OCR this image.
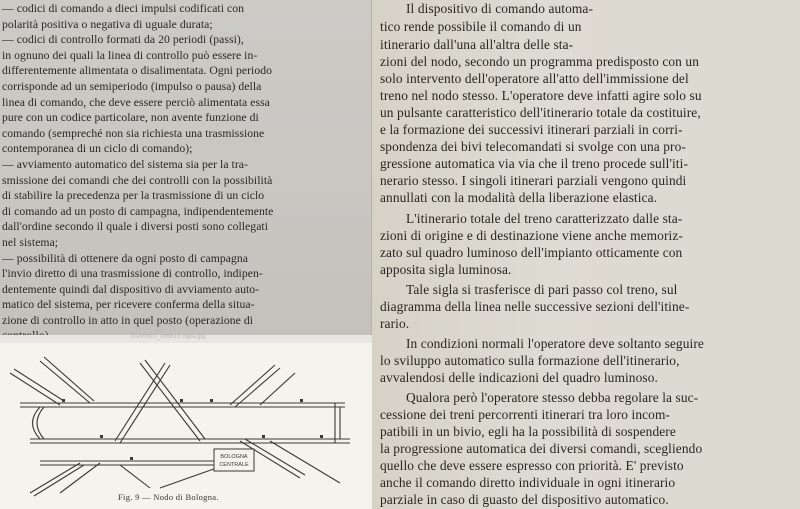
— codici di comando a dieci impulsi codificati con
polarità positiva o negativa di uguale durata;
— codici di controllo formati da 20 periodi (passi),
in ognuno dei quali la linea di controllo può essere in-
differentemente alimentata o disalimentata. Ogni periodo
corrisponde ad un semiperiodo (impulso o pausa) della
linea di comando, che deve essere perciò alimentata essa
pure con un codice particolare, non avente funzione di
comando (sempreché non sia richiesta una trasmissione
contemporanea di un ciclo di comando);
— avviamento automatico del sistema sia per la tra-
smissione dei comandi che dei controlli con la possibilità
di stabilire la precedenza per la trasmissione di un ciclo
di comando ad un posto di campagna, indipendentemente
dall'ordine secondo il quale i diversi posti sono collegati
nel sistema;
— possibilità di ottenere da ogni posto di campagna
l'invio diretto di una trasmissione di controllo, indipen-
dentemente quindi dal dispositivo di avviamento auto-
matico del sistema, per ricevere conferma della situa-
zione di controllo in atto in quel posto (operazione di
20200810_095613 copia.jpg
BOLOGNA
CENTRALE
Fig. 9 — Nodo di Bologna.
Il dispositivo di comando automa-
tico rende possibile il comando di un
itinerario dall'una all'altra delle sta-
zioni del nodo, secondo un programma predisposto con un
solo intervento dell'operatore all'atto dell'immissione del
treno nel nodo stesso. L'operatore deve infatti agire solo su
un pulsante caratteristico dell'itinerario totale da costituire,
e la formazione dei successivi itinerari parziali in corri-
spondenza dei bivi telecomandati si svolge con una pro-
gressione automatica via via che il treno procede sull'iti-
nerario stesso. I singoli itinerari parziali vengono quindi
annullati con la modalità della liberazione elastica.
L'itinerario totale del treno caratterizzato dalle sta-
zioni di origine e di destinazione viene anche memoriz-
zato sul quadro luminoso dell'impianto otticamente con
apposita sigla luminosa.
Tale sigla si trasferisce di pari passo col treno, sul
diagramma della linea nelle successive sezioni dell'itine-
rario.
In condizioni normali l'operatore deve soltanto seguire
lo sviluppo automatico sulla formazione dell'itinerario,
avvalendosi delle indicazioni del quadro luminoso.
Qualora però l'operatore stesso debba regolare la suc-
cessione dei treni percorrenti itinerari tra loro incom-
patibili in un bivio, egli ha la possibilità di sospendere
la progressione automatica dei diversi comandi, scegliendo
quello che deve essere espresso con priorità. E' previsto
anche il comando diretto individuale in ogni itinerario
parziale in caso di guasto del dispositivo automatico.
